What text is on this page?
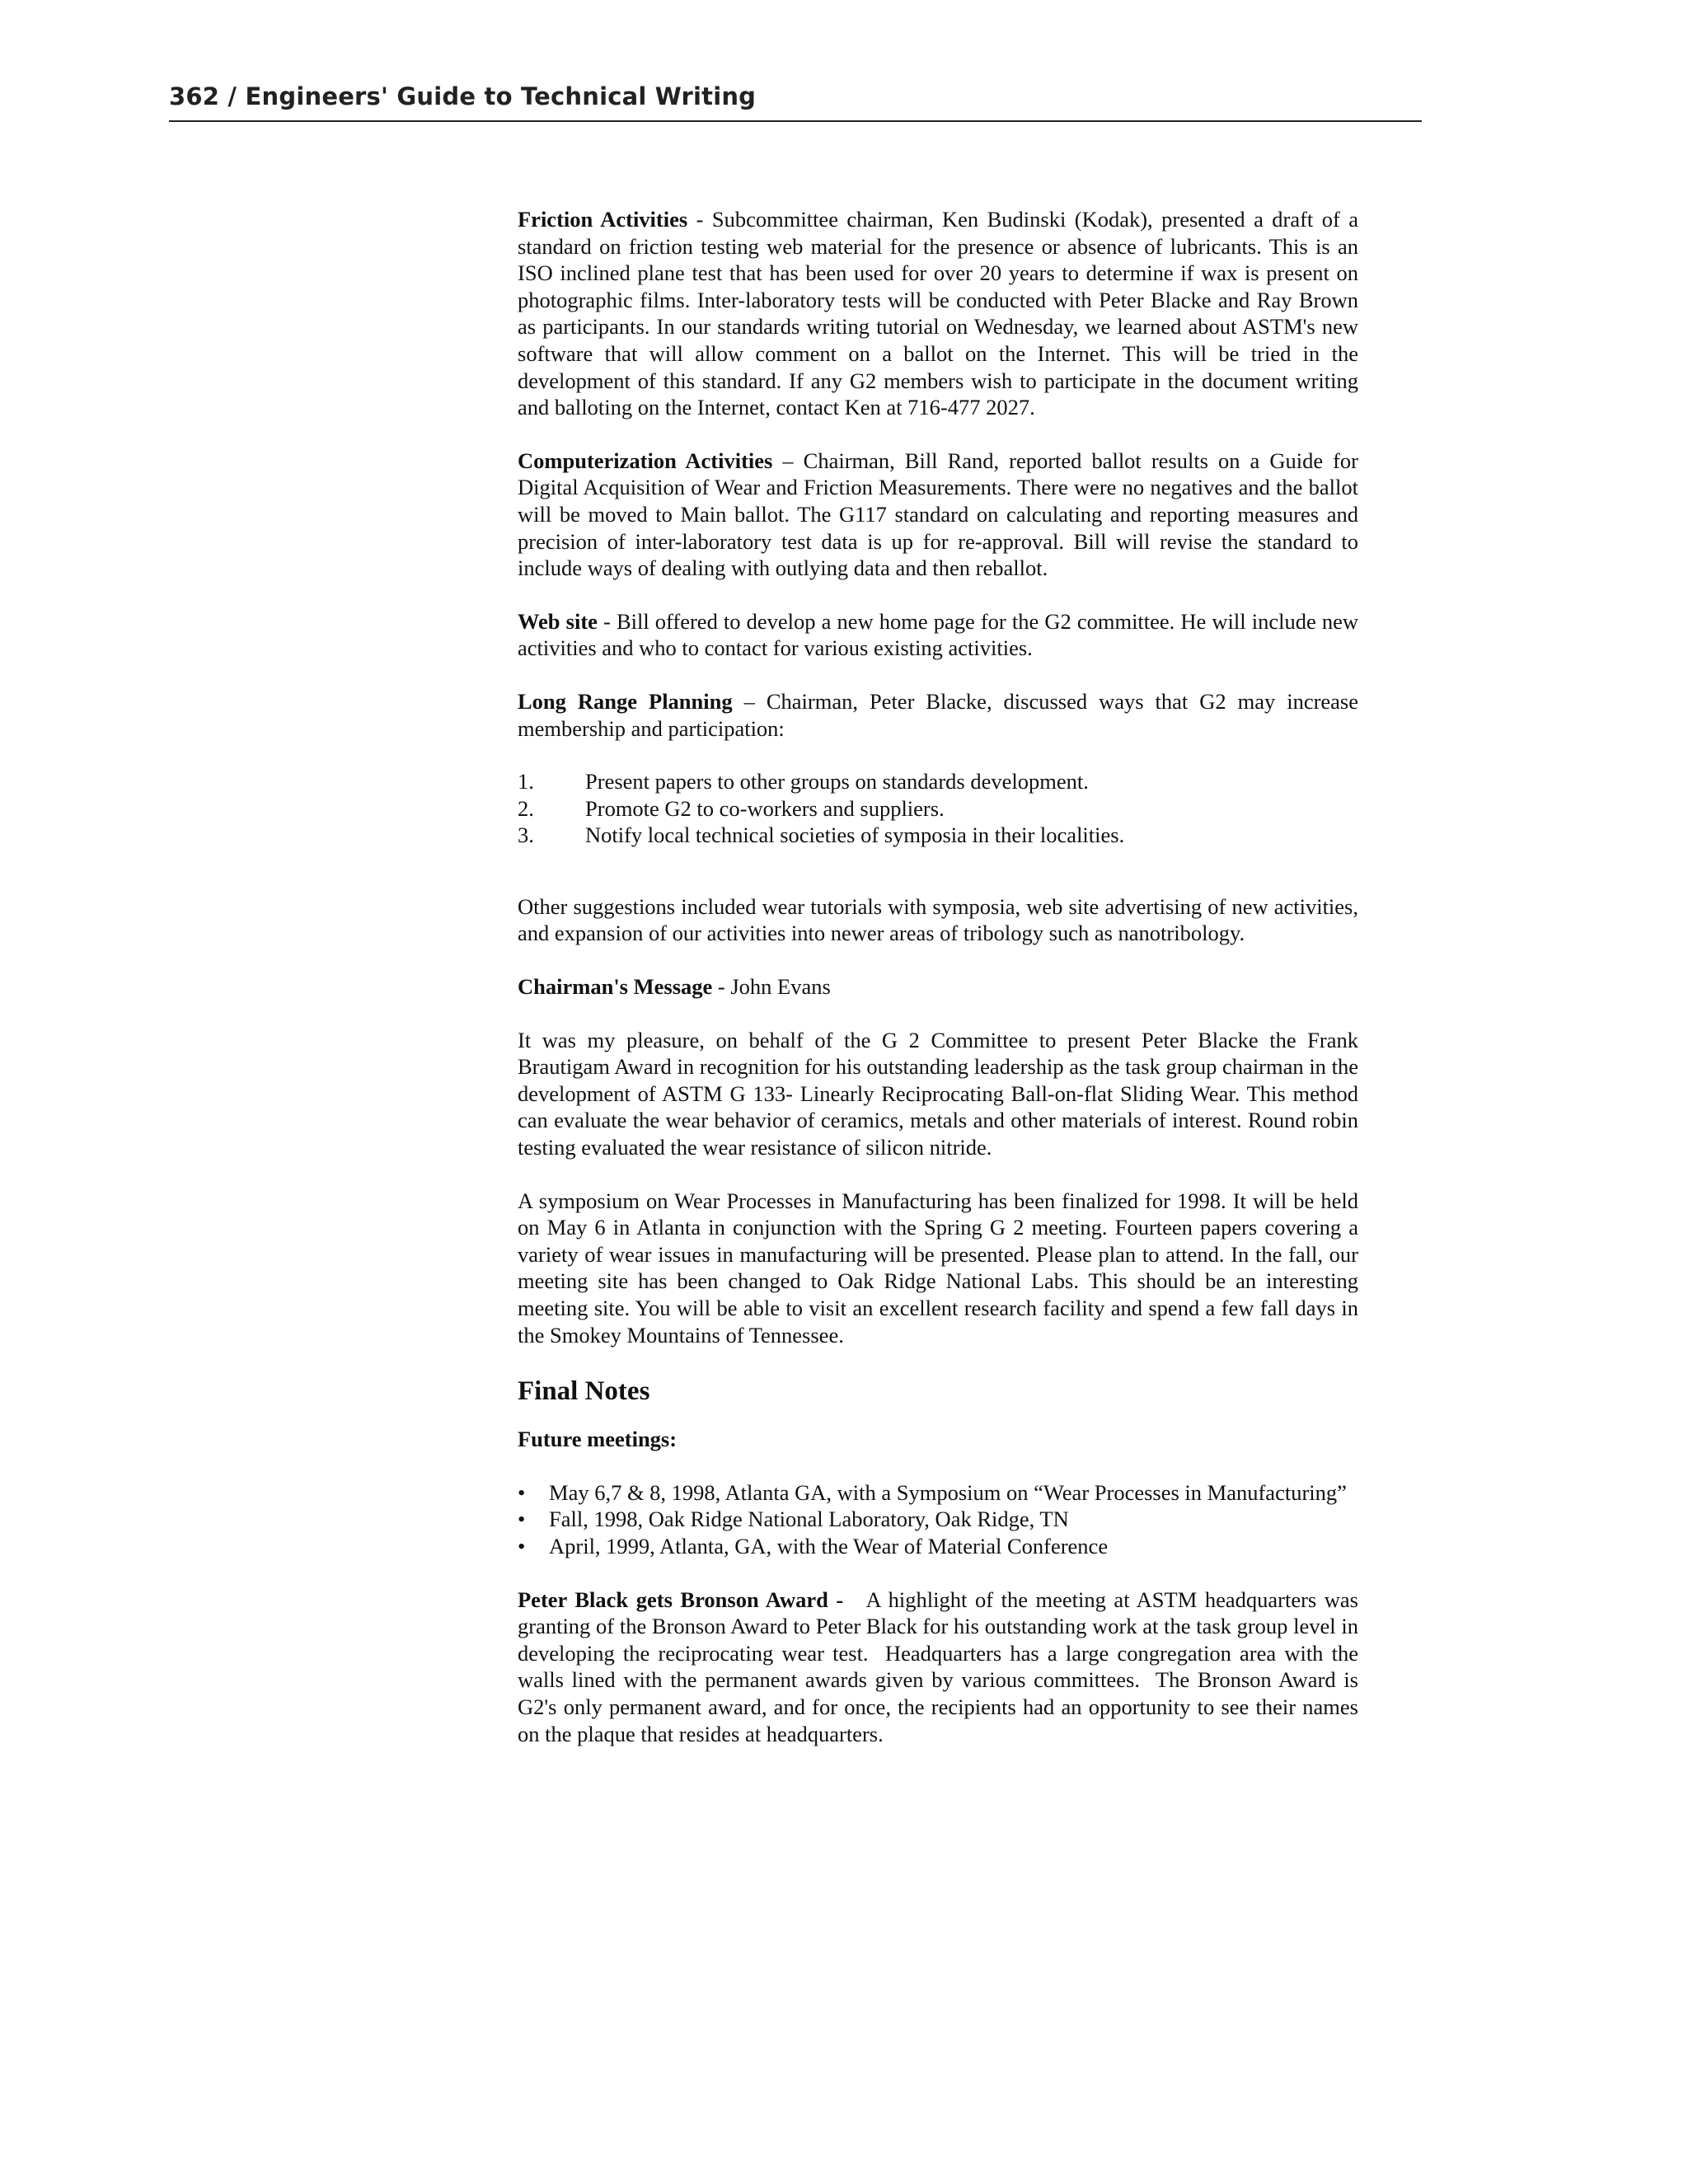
362 / Engineers' Guide to Technical Writing

Friction Activities - Subcommittee chairman, Ken Budinski (Kodak), presented a draft of a standard on friction testing web material for the presence or absence of lubricants. This is an ISO inclined plane test that has been used for over 20 years to determine if wax is present on photographic films. Inter-laboratory tests will be conducted with Peter Blacke and Ray Brown as participants. In our standards writing tutorial on Wednesday, we learned about ASTM's new software that will allow comment on a ballot on the Internet. This will be tried in the development of this standard. If any G2 members wish to participate in the document writing and balloting on the Internet, contact Ken at 716-477 2027.

Computerization Activities – Chairman, Bill Rand, reported ballot results on a Guide for Digital Acquisition of Wear and Friction Measurements. There were no negatives and the ballot will be moved to Main ballot. The G117 standard on calculating and reporting measures and precision of inter-laboratory test data is up for re-approval. Bill will revise the standard to include ways of dealing with outlying data and then reballot.

Web site - Bill offered to develop a new home page for the G2 committee. He will include new activities and who to contact for various existing activities.

Long Range Planning – Chairman, Peter Blacke, discussed ways that G2 may increase membership and participation:

1.	Present papers to other groups on standards development.
2.	Promote G2 to co-workers and suppliers.
3.	Notify local technical societies of symposia in their localities.

Other suggestions included wear tutorials with symposia, web site advertising of new activities, and expansion of our activities into newer areas of tribology such as nanotribology.

Chairman's Message - John Evans

It was my pleasure, on behalf of the G 2 Committee to present Peter Blacke the Frank Brautigam Award in recognition for his outstanding leadership as the task group chairman in the development of ASTM G 133- Linearly Reciprocating Ball-on-flat Sliding Wear. This method can evaluate the wear behavior of ceramics, metals and other materials of interest. Round robin testing evaluated the wear resistance of silicon nitride.

A symposium on Wear Processes in Manufacturing has been finalized for 1998. It will be held on May 6 in Atlanta in conjunction with the Spring G 2 meeting. Fourteen papers covering a variety of wear issues in manufacturing will be presented. Please plan to attend. In the fall, our meeting site has been changed to Oak Ridge National Labs. This should be an interesting meeting site. You will be able to visit an excellent research facility and spend a few fall days in the Smokey Mountains of Tennessee.

Final Notes

Future meetings:

•	May 6,7 & 8, 1998, Atlanta GA, with a Symposium on “Wear Processes in Manufacturing”
•	Fall, 1998, Oak Ridge National Laboratory, Oak Ridge, TN
•	April, 1999, Atlanta, GA, with the Wear of Material Conference

Peter Black gets Bronson Award -   A highlight of the meeting at ASTM headquarters was granting of the Bronson Award to Peter Black for his outstanding work at the task group level in developing the reciprocating wear test.  Headquarters has a large congregation area with the walls lined with the permanent awards given by various committees.  The Bronson Award is G2's only permanent award, and for once, the recipients had an opportunity to see their names on the plaque that resides at headquarters.
